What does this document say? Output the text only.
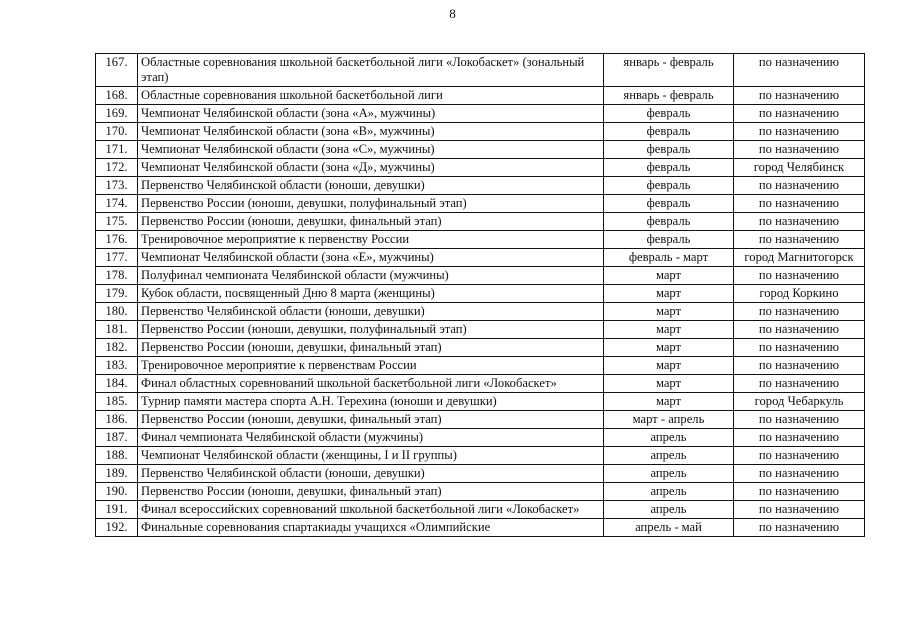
8
167.	Областные соревнования школьной баскетбольной лиги «Локобаскет» (зональный этап)	январь - февраль	по назначению
168.	Областные соревнования школьной баскетбольной лиги	январь - февраль	по назначению
169.	Чемпионат Челябинской области (зона «А», мужчины)	февраль	по назначению
170.	Чемпионат Челябинской области (зона «В», мужчины)	февраль	по назначению
171.	Чемпионат Челябинской области (зона «С», мужчины)	февраль	по назначению
172.	Чемпионат Челябинской области (зона «Д», мужчины)	февраль	город Челябинск
173.	Первенство Челябинской области (юноши, девушки)	февраль	по назначению
174.	Первенство России (юноши, девушки, полуфинальный этап)	февраль	по назначению
175.	Первенство России (юноши, девушки, финальный этап)	февраль	по назначению
176.	Тренировочное мероприятие к первенству России	февраль	по назначению
177.	Чемпионат Челябинской области (зона «Е», мужчины)	февраль - март	город Магнитогорск
178.	Полуфинал чемпионата Челябинской области (мужчины)	март	по назначению
179.	Кубок области, посвященный Дню 8 марта (женщины)	март	город Коркино
180.	Первенство Челябинской области (юноши, девушки)	март	по назначению
181.	Первенство России (юноши, девушки, полуфинальный этап)	март	по назначению
182.	Первенство России (юноши, девушки, финальный этап)	март	по назначению
183.	Тренировочное мероприятие к первенствам России	март	по назначению
184.	Финал областных соревнований школьной баскетбольной лиги «Локобаскет»	март	по назначению
185.	Турнир памяти мастера спорта А.Н. Терехина (юноши и девушки)	март	город Чебаркуль
186.	Первенство России (юноши, девушки, финальный этап)	март - апрель	по назначению
187.	Финал чемпионата Челябинской области (мужчины)	апрель	по назначению
188.	Чемпионат Челябинской области (женщины, I и II группы)	апрель	по назначению
189.	Первенство Челябинской области (юноши, девушки)	апрель	по назначению
190.	Первенство России (юноши, девушки, финальный этап)	апрель	по назначению
191.	Финал всероссийских соревнований школьной баскетбольной лиги «Локобаскет»	апрель	по назначению
192.	Финальные соревнования спартакиады учащихся «Олимпийские	апрель - май	по назначению
